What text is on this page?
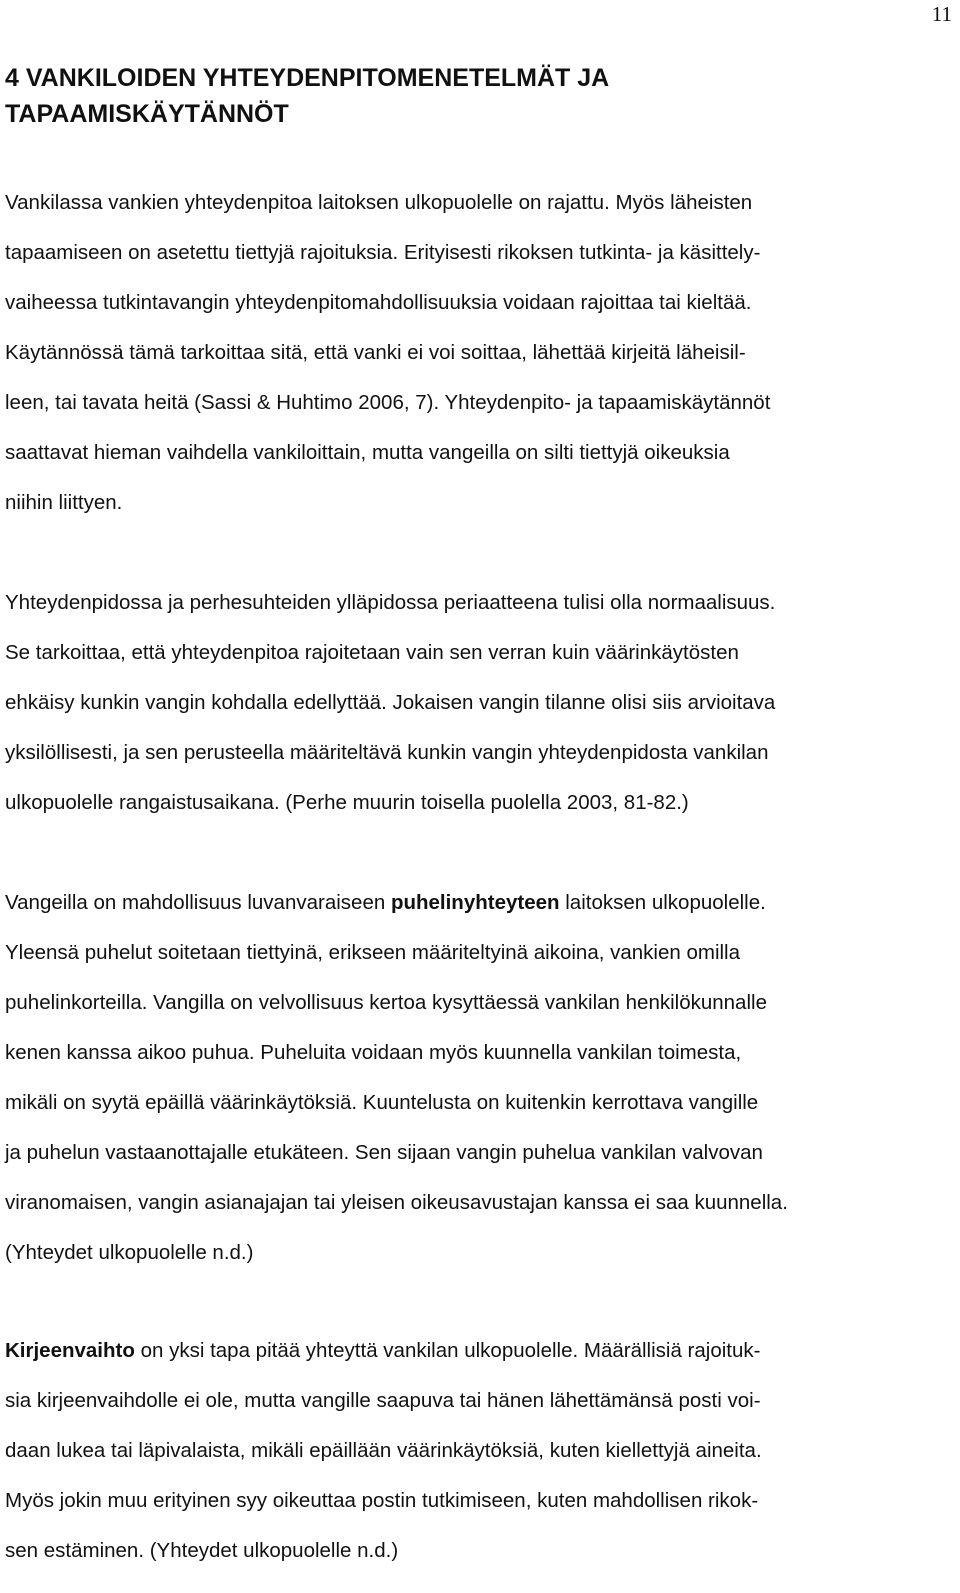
11
4 VANKILOIDEN YHTEYDENPITOMENETELMÄT JA
TAPAAMISKÄYTÄNNÖT

Vankilassa vankien yhteydenpitoa laitoksen ulkopuolelle on rajattu. Myös läheisten
tapaamiseen on asetettu tiettyjä rajoituksia. Erityisesti rikoksen tutkinta- ja käsittely-
vaiheessa tutkintavangin yhteydenpitomahdollisuuksia voidaan rajoittaa tai kieltää.
Käytännössä tämä tarkoittaa sitä, että vanki ei voi soittaa, lähettää kirjeitä läheisil-
leen, tai tavata heitä (Sassi & Huhtimo 2006, 7). Yhteydenpito- ja tapaamiskäytännöt
saattavat hieman vaihdella vankiloittain, mutta vangeilla on silti tiettyjä oikeuksia
niihin liittyen.

Yhteydenpidossa ja perhesuhteiden ylläpidossa periaatteena tulisi olla normaalisuus.
Se tarkoittaa, että yhteydenpitoa rajoitetaan vain sen verran kuin väärinkäytösten
ehkäisy kunkin vangin kohdalla edellyttää. Jokaisen vangin tilanne olisi siis arvioitava
yksilöllisesti, ja sen perusteella määriteltävä kunkin vangin yhteydenpidosta vankilan
ulkopuolelle rangaistusaikana. (Perhe muurin toisella puolella 2003, 81-82.)

Vangeilla on mahdollisuus luvanvaraiseen puhelinyhteyteen laitoksen ulkopuolelle.
Yleensä puhelut soitetaan tiettyinä, erikseen määriteltyinä aikoina, vankien omilla
puhelinkorteilla. Vangilla on velvollisuus kertoa kysyttäessä vankilan henkilökunnalle
kenen kanssa aikoo puhua. Puheluita voidaan myös kuunnella vankilan toimesta,
mikäli on syytä epäillä väärinkäytöksiä. Kuuntelusta on kuitenkin kerrottava vangille
ja puhelun vastaanottajalle etukäteen. Sen sijaan vangin puhelua vankilan valvovan
viranomaisen, vangin asianajajan tai yleisen oikeusavustajan kanssa ei saa kuunnella.
(Yhteydet ulkopuolelle n.d.)

Kirjeenvaihto on yksi tapa pitää yhteyttä vankilan ulkopuolelle. Määrällisiä rajoituk-
sia kirjeenvaihdolle ei ole, mutta vangille saapuva tai hänen lähettämänsä posti voi-
daan lukea tai läpivalaista, mikäli epäillään väärinkäytöksiä, kuten kiellettyjä aineita.
Myös jokin muu erityinen syy oikeuttaa postin tutkimiseen, kuten mahdollisen rikok-
sen estäminen. (Yhteydet ulkopuolelle n.d.)
